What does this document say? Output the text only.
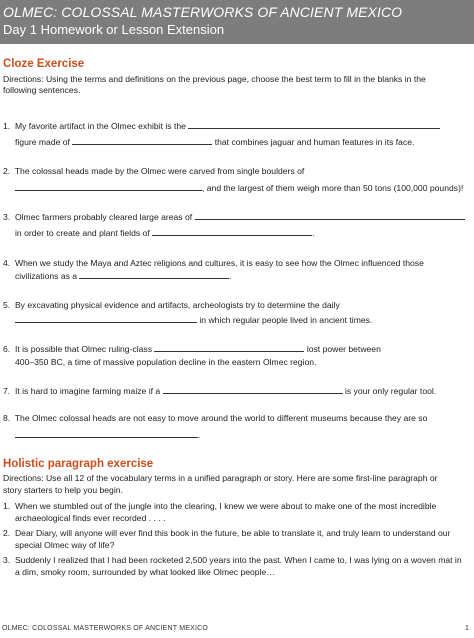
OLMEC: COLOSSAL MASTERWORKS OF ANCIENT MEXICO
Day 1 Homework or Lesson Extension
Cloze Exercise
Directions: Using the terms and definitions on the previous page, choose the best term to fill in the blanks in the
following sentences.
1. My favorite artifact in the Olmec exhibit is the
figure made of	that combines jaguar and human features in its face.
2. The colossal heads made by the Olmec were carved from single boulders of
, and the largest of them weigh more than 50 tons (100,000 pounds)!
3. Olmec farmers probably cleared large areas of
in order to create and plant fields of	.
4. When we study the Maya and Aztec religions and cultures, it is easy to see how the Olmec influenced those
civilizations as a	.
5. By excavating physical evidence and artifacts, archeologists try to determine the daily
in which regular people lived in ancient times.
6. It is possible that Olmec ruling-class	lost power between
400–350 BC, a time of massive population decline in the eastern Olmec region.
7. It is hard to imagine farming maize if a	is your only regular tool.
8. The Olmec colossal heads are not easy to move around the world to different museums because they are so
.
Holistic paragraph exercise
Directions: Use all 12 of the vocabulary terms in a unified paragraph or story. Here are some first-line paragraph or
story starters to help you begin.
1. When we stumbled out of the jungle into the clearing, I knew we were about to make one of the most incredible
archaeological finds ever recorded . . . .
2. Dear Diary, will anyone will ever find this book in the future, be able to translate it, and truly learn to understand our
special Olmec way of life?
3. Suddenly I realized that I had been rocketed 2,500 years into the past. When I came to, I was lying on a woven mat in
a dim, smoky room, surrounded by what looked like Olmec people…
OLMEC: COLOSSAL MASTERWORKS OF ANCIENT MEXICO	1
